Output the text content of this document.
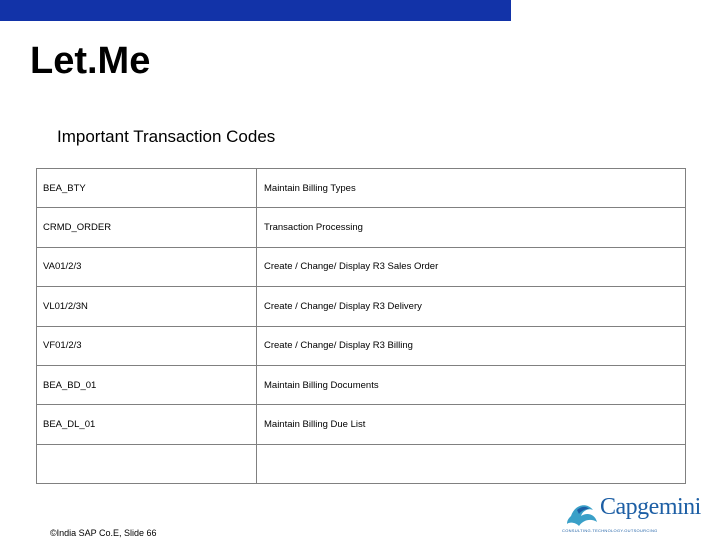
Let.Me
Important Transaction Codes
BEA_BTY	Maintain Billing Types
CRMD_ORDER	Transaction Processing
VA01/2/3	Create / Change/ Display R3 Sales Order
VL01/2/3N	Create / Change/ Display R3 Delivery
VF01/2/3	Create / Change/ Display R3 Billing
BEA_BD_01	Maintain Billing Documents
BEA_DL_01	Maintain Billing Due List

©India SAP Co.E, Slide 66
Capgemini
CONSULTING.TECHNOLOGY.OUTSOURCING
